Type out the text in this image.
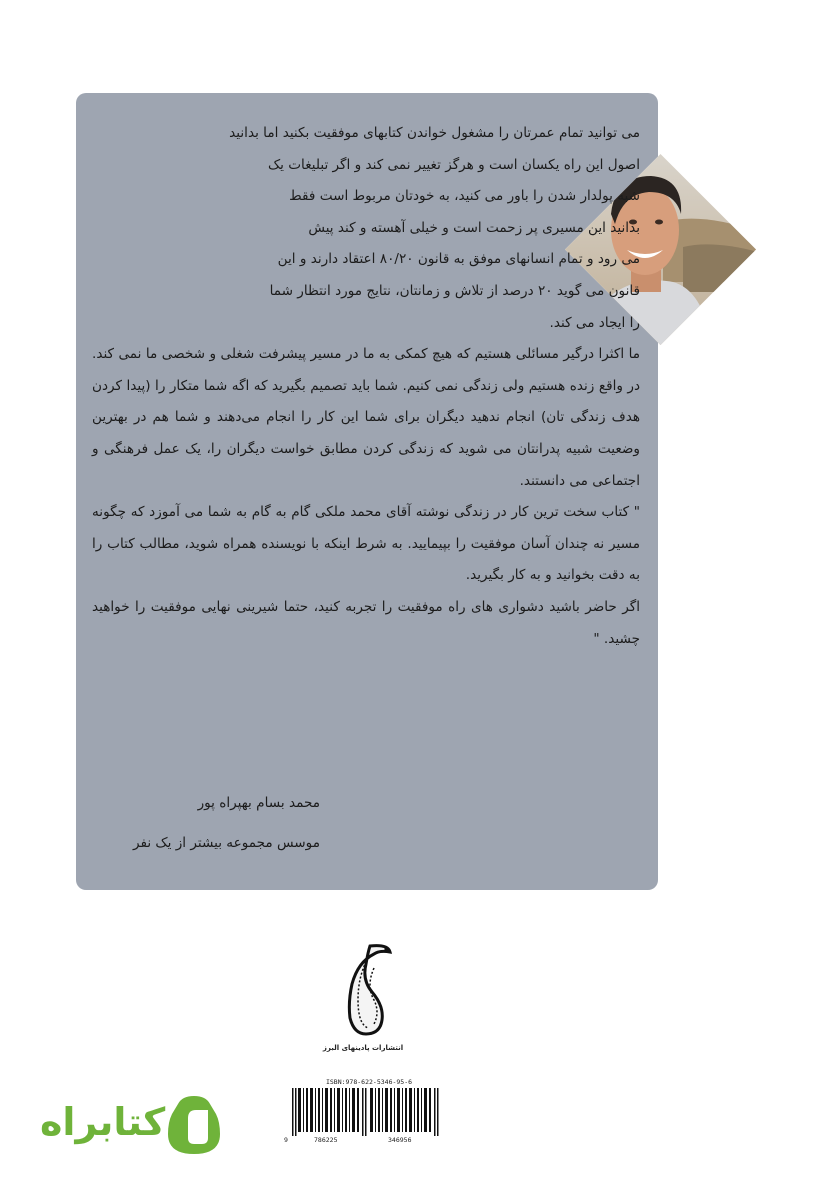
می توانید تمام عمرتان را مشغول خواندن کتابهای موفقیت بکنید اما بدانید
اصول این راه یکسان است و هرگز تغییر نمی کند و اگر تبلیغات یک
شبه پولدار شدن را باور می کنید، به خودتان مربوط است فقط
بدانید این مسیری پر زحمت است و خیلی آهسته و کند پیش
می رود و تمام انسانهای موفق به قانون ۸۰/۲۰ اعتقاد دارند و این
قانون می گوید ۲۰ درصد از تلاش و زمانتان، نتایج مورد انتظار شما
را ایجاد می کند.

ما اکثرا درگیر مسائلی هستیم که هیچ کمکی به ما در مسیر پیشرفت شغلی و شخصی ما نمی کند. در واقع زنده هستیم ولی زندگی نمی کنیم. شما باید تصمیم بگیرید که اگه شما متکار را (پیدا کردن هدف زندگی تان) انجام ندهید دیگران برای شما این کار را انجام می‌دهند و شما هم در بهترین وضعیت شبیه پدرانتان می شوید که زندگی کردن مطابق خواست دیگران را، یک عمل فرهنگی و اجتماعی می دانستند.

" کتاب سخت ترین کار در زندگی نوشته آقای محمد ملکی گام به گام به شما می آموزد که چگونه مسیر نه چندان آسان موفقیت را بپیمایید. به شرط اینکه با نویسنده همراه شوید، مطالب کتاب را به دقت بخوانید و به کار بگیرید.

اگر حاضر باشید دشواری های راه موفقیت را تجربه کنید، حتما شیرینی نهایی موفقیت را خواهید چشید. "

محمد بسام بهپراه پور
موسس مجموعه بیشتر از یک نفر
انتشارات پادینهای البرز
ISBN:978-622-5346-95-6
9	786225	346956
کتابراه
